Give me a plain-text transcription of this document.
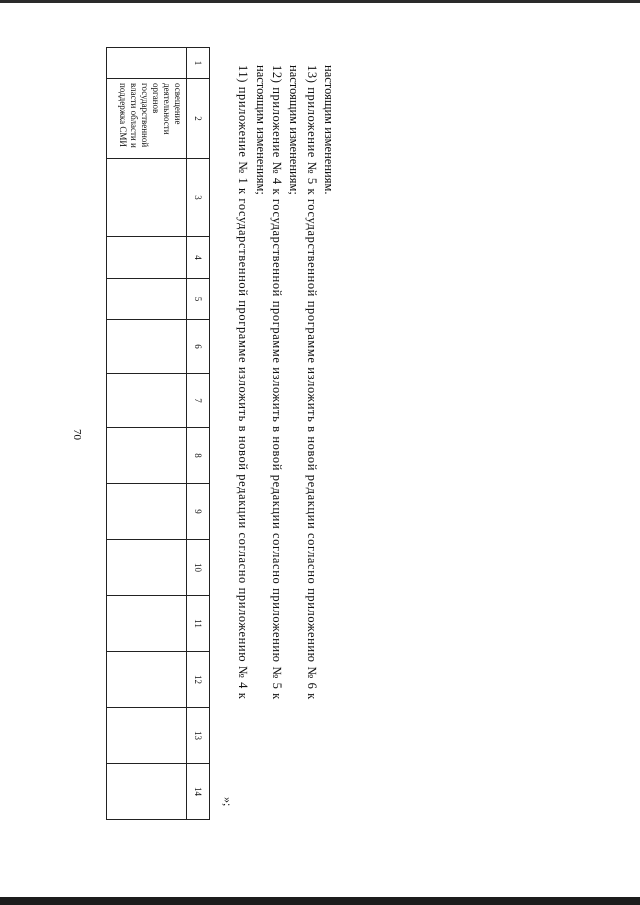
70
1	2	3	4	5	6	7	8	9	10	11	12	13	14

	освещение
деятельности органов
государственной
власти области и
поддержка СМИ												

»;
11) приложение № 1 к государственной программе изложить в новой редакции согласно приложению № 4 к настоящим изменениям; 12) приложение № 4 к государственной программе изложить в новой редакции согласно приложению № 5 к настоящим изменениям; 13) приложение № 5 к государственной программе изложить в новой редакции согласно приложению № 6 к настоящим изменениям.
